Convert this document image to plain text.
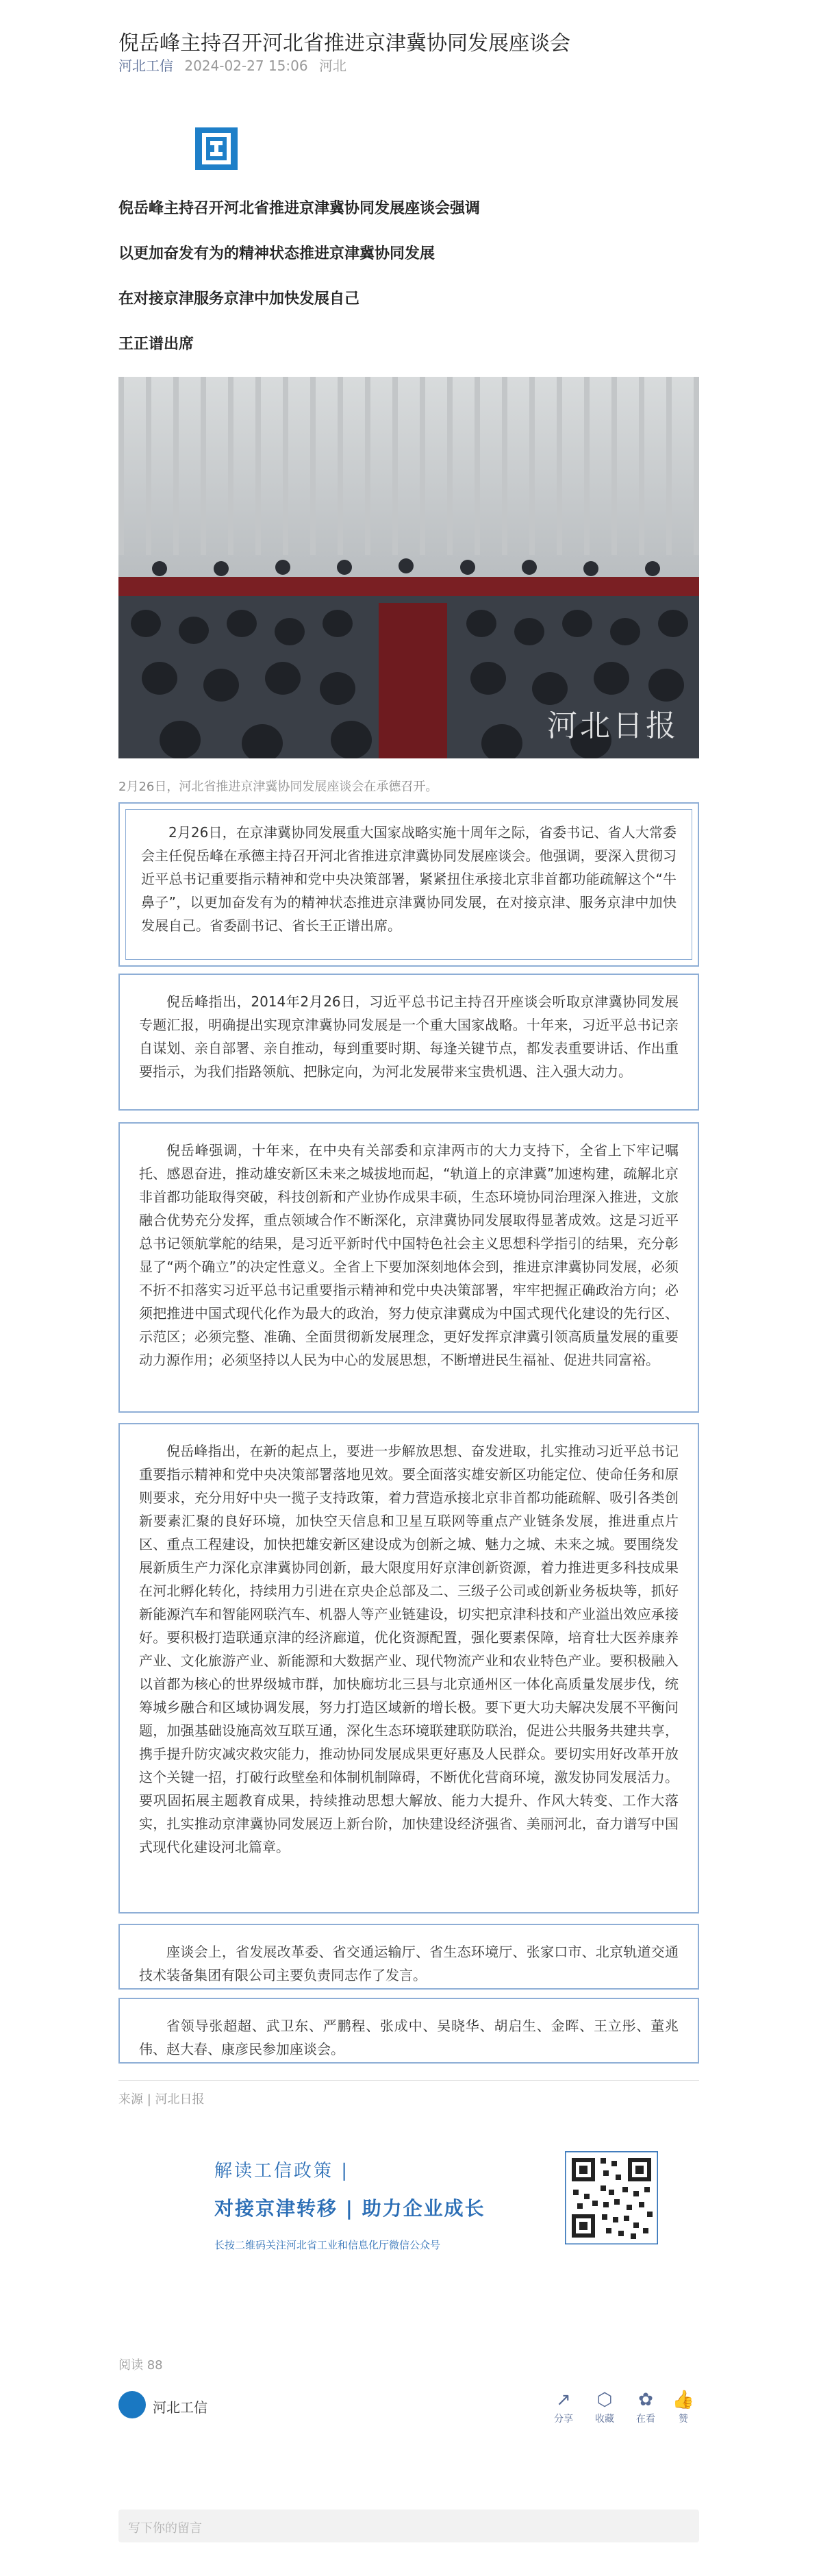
倪岳峰主持召开河北省推进京津冀协同发展座谈会
河北工信 2024-02-27 15:06 河北
倪岳峰主持召开河北省推进京津冀协同发展座谈会强调
以更加奋发有为的精神状态推进京津冀协同发展
在对接京津服务京津中加快发展自己
王正谱出席
河北日报
2月26日，河北省推进京津冀协同发展座谈会在承德召开。

2月26日，在京津冀协同发展重大国家战略实施十周年之际，省委书记、省人大常委会主任倪岳峰在承德主持召开河北省推进京津冀协同发展座谈会。他强调，要深入贯彻习近平总书记重要指示精神和党中央决策部署，紧紧扭住承接北京非首都功能疏解这个“牛鼻子”，以更加奋发有为的精神状态推进京津冀协同发展，在对接京津、服务京津中加快发展自己。省委副书记、省长王正谱出席。

倪岳峰指出，2014年2月26日，习近平总书记主持召开座谈会听取京津冀协同发展专题汇报，明确提出实现京津冀协同发展是一个重大国家战略。十年来，习近平总书记亲自谋划、亲自部署、亲自推动，每到重要时期、每逢关键节点，都发表重要讲话、作出重要指示，为我们指路领航、把脉定向，为河北发展带来宝贵机遇、注入强大动力。

倪岳峰强调，十年来，在中央有关部委和京津两市的大力支持下，全省上下牢记嘱托、感恩奋进，推动雄安新区未来之城拔地而起，“轨道上的京津冀”加速构建，疏解北京非首都功能取得突破，科技创新和产业协作成果丰硕，生态环境协同治理深入推进，文旅融合优势充分发挥，重点领域合作不断深化，京津冀协同发展取得显著成效。这是习近平总书记领航掌舵的结果，是习近平新时代中国特色社会主义思想科学指引的结果，充分彰显了“两个确立”的决定性意义。全省上下要加深刻地体会到，推进京津冀协同发展，必须不折不扣落实习近平总书记重要指示精神和党中央决策部署，牢牢把握正确政治方向；必须把推进中国式现代化作为最大的政治，努力使京津冀成为中国式现代化建设的先行区、示范区；必须完整、准确、全面贯彻新发展理念，更好发挥京津冀引领高质量发展的重要动力源作用；必须坚持以人民为中心的发展思想，不断增进民生福祉、促进共同富裕。

倪岳峰指出，在新的起点上，要进一步解放思想、奋发进取，扎实推动习近平总书记重要指示精神和党中央决策部署落地见效。要全面落实雄安新区功能定位、使命任务和原则要求，充分用好中央一揽子支持政策，着力营造承接北京非首都功能疏解、吸引各类创新要素汇聚的良好环境，加快空天信息和卫星互联网等重点产业链条发展，推进重点片区、重点工程建设，加快把雄安新区建设成为创新之城、魅力之城、未来之城。要围绕发展新质生产力深化京津冀协同创新，最大限度用好京津创新资源，着力推进更多科技成果在河北孵化转化，持续用力引进在京央企总部及二、三级子公司或创新业务板块等，抓好新能源汽车和智能网联汽车、机器人等产业链建设，切实把京津科技和产业溢出效应承接好。要积极打造联通京津的经济廊道，优化资源配置，强化要素保障，培育壮大医养康养产业、文化旅游产业、新能源和大数据产业、现代物流产业和农业特色产业。要积极融入以首都为核心的世界级城市群，加快廊坊北三县与北京通州区一体化高质量发展步伐，统筹城乡融合和区域协调发展，努力打造区域新的增长极。要下更大功夫解决发展不平衡问题，加强基础设施高效互联互通，深化生态环境联建联防联治，促进公共服务共建共享，携手提升防灾减灾救灾能力，推动协同发展成果更好惠及人民群众。要切实用好改革开放这个关键一招，打破行政壁垒和体制机制障碍，不断优化营商环境，激发协同发展活力。要巩固拓展主题教育成果，持续推动思想大解放、能力大提升、作风大转变、工作大落实，扎实推动京津冀协同发展迈上新台阶，加快建设经济强省、美丽河北，奋力谱写中国式现代化建设河北篇章。

座谈会上，省发展改革委、省交通运输厅、省生态环境厅、张家口市、北京轨道交通技术装备集团有限公司主要负责同志作了发言。

省领导张超超、武卫东、严鹏程、张成中、吴晓华、胡启生、金晖、王立彤、董兆伟、赵大春、康彦民参加座谈会。

来源 | 河北日报
解读工信政策 |
对接京津转移 | 助力企业成长
长按二维码关注河北省工业和信息化厅微信公众号
阅读 88
河北工信	↗
分享
⬡
收藏
✿
在看
👍
赞
写下你的留言
